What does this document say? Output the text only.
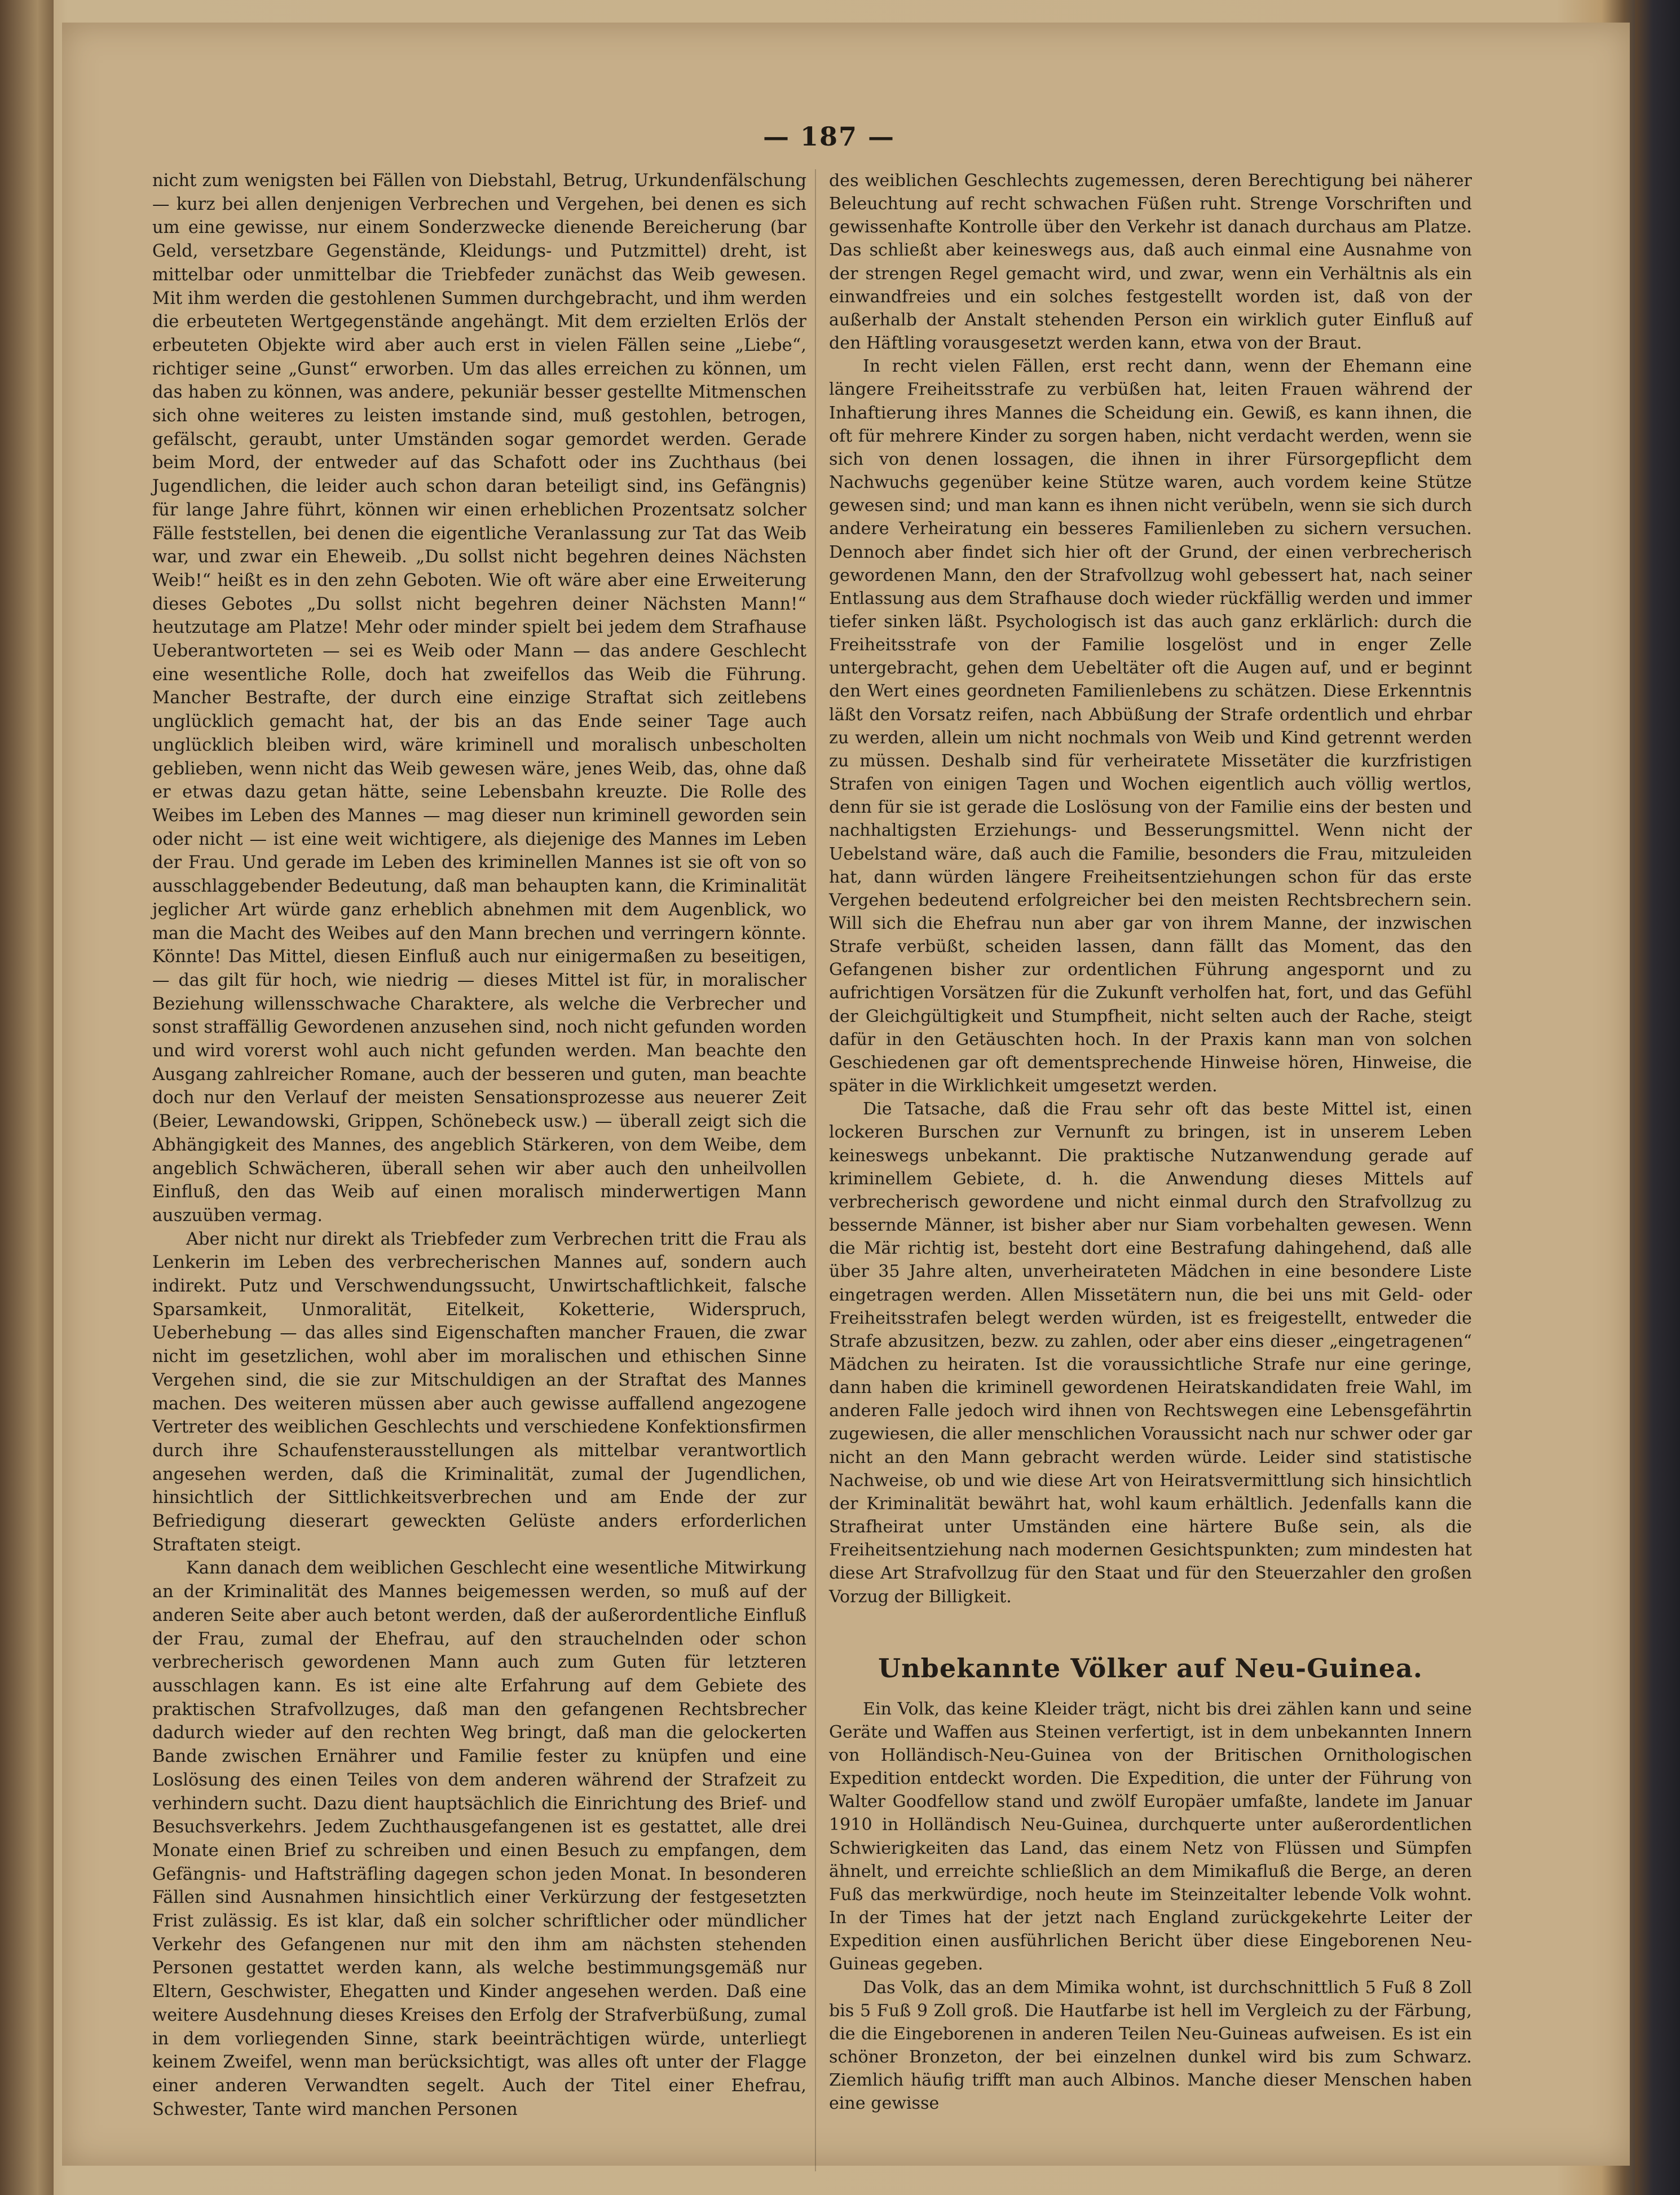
— 187 —

nicht zum wenigsten bei Fällen von Diebstahl, Betrug, Urkundenfälschung — kurz bei allen denjenigen Verbrechen und Vergehen, bei denen es sich um eine gewisse, nur einem Sonderzwecke dienende Bereicherung (bar Geld, versetzbare Gegenstände, Kleidungs- und Putzmittel) dreht, ist mittelbar oder unmittelbar die Triebfeder zunächst das Weib gewesen. Mit ihm werden die gestohlenen Summen durchgebracht, und ihm werden die erbeuteten Wertgegenstände angehängt. Mit dem erzielten Erlös der erbeuteten Objekte wird aber auch erst in vielen Fällen seine „Liebe“, richtiger seine „Gunst“ erworben. Um das alles erreichen zu können, um das haben zu können, was andere, pekuniär besser gestellte Mitmenschen sich ohne weiteres zu leisten imstande sind, muß gestohlen, betrogen, gefälscht, geraubt, unter Umständen sogar gemordet werden. Gerade beim Mord, der entweder auf das Schafott oder ins Zuchthaus (bei Jugendlichen, die leider auch schon daran beteiligt sind, ins Gefängnis) für lange Jahre führt, können wir einen erheblichen Prozentsatz solcher Fälle feststellen, bei denen die eigentliche Veranlassung zur Tat das Weib war, und zwar ein Eheweib. „Du sollst nicht begehren deines Nächsten Weib!“ heißt es in den zehn Geboten. Wie oft wäre aber eine Erweiterung dieses Gebotes „Du sollst nicht begehren deiner Nächsten Mann!“ heutzutage am Platze! Mehr oder minder spielt bei jedem dem Strafhause Ueberantworteten — sei es Weib oder Mann — das andere Geschlecht eine wesentliche Rolle, doch hat zweifellos das Weib die Führung. Mancher Bestrafte, der durch eine einzige Straftat sich zeitlebens unglücklich gemacht hat, der bis an das Ende seiner Tage auch unglücklich bleiben wird, wäre kriminell und moralisch unbescholten geblieben, wenn nicht das Weib gewesen wäre, jenes Weib, das, ohne daß er etwas dazu getan hätte, seine Lebensbahn kreuzte. Die Rolle des Weibes im Leben des Mannes — mag dieser nun kriminell geworden sein oder nicht — ist eine weit wichtigere, als diejenige des Mannes im Leben der Frau. Und gerade im Leben des kriminellen Mannes ist sie oft von so ausschlaggebender Bedeutung, daß man behaupten kann, die Kriminalität jeglicher Art würde ganz erheblich abnehmen mit dem Augenblick, wo man die Macht des Weibes auf den Mann brechen und verringern könnte. Könnte! Das Mittel, diesen Einfluß auch nur einigermaßen zu beseitigen, — das gilt für hoch, wie niedrig — dieses Mittel ist für, in moralischer Beziehung willensschwache Charaktere, als welche die Verbrecher und sonst straffällig Gewordenen anzusehen sind, noch nicht gefunden worden und wird vorerst wohl auch nicht gefunden werden. Man beachte den Ausgang zahlreicher Romane, auch der besseren und guten, man beachte doch nur den Verlauf der meisten Sensationsprozesse aus neuerer Zeit (Beier, Lewandowski, Grippen, Schönebeck usw.) — überall zeigt sich die Abhängigkeit des Mannes, des angeblich Stärkeren, von dem Weibe, dem angeblich Schwächeren, überall sehen wir aber auch den unheilvollen Einfluß, den das Weib auf einen moralisch minderwertigen Mann auszuüben vermag.

Aber nicht nur direkt als Triebfeder zum Verbrechen tritt die Frau als Lenkerin im Leben des verbrecherischen Mannes auf, sondern auch indirekt. Putz und Verschwendungssucht, Unwirtschaftlichkeit, falsche Sparsamkeit, Unmoralität, Eitelkeit, Koketterie, Widerspruch, Ueberhebung — das alles sind Eigenschaften mancher Frauen, die zwar nicht im gesetzlichen, wohl aber im moralischen und ethischen Sinne Vergehen sind, die sie zur Mitschuldigen an der Straftat des Mannes machen. Des weiteren müssen aber auch gewisse auffallend angezogene Vertreter des weiblichen Geschlechts und verschiedene Konfektionsfirmen durch ihre Schaufensterausstellungen als mittelbar verantwortlich angesehen werden, daß die Kriminalität, zumal der Jugendlichen, hinsichtlich der Sittlichkeitsverbrechen und am Ende der zur Befriedigung dieserart geweckten Gelüste anders erforderlichen Straftaten steigt.

Kann danach dem weiblichen Geschlecht eine wesentliche Mitwirkung an der Kriminalität des Mannes beigemessen werden, so muß auf der anderen Seite aber auch betont werden, daß der außerordentliche Einfluß der Frau, zumal der Ehefrau, auf den strauchelnden oder schon verbrecherisch gewordenen Mann auch zum Guten für letzteren ausschlagen kann. Es ist eine alte Erfahrung auf dem Gebiete des praktischen Strafvollzuges, daß man den gefangenen Rechtsbrecher dadurch wieder auf den rechten Weg bringt, daß man die gelockerten Bande zwischen Ernährer und Familie fester zu knüpfen und eine Loslösung des einen Teiles von dem anderen während der Strafzeit zu verhindern sucht. Dazu dient hauptsächlich die Einrichtung des Brief- und Besuchsverkehrs. Jedem Zuchthausgefangenen ist es gestattet, alle drei Monate einen Brief zu schreiben und einen Besuch zu empfangen, dem Gefängnis- und Haftsträfling dagegen schon jeden Monat. In besonderen Fällen sind Ausnahmen hinsichtlich einer Verkürzung der festgesetzten Frist zulässig. Es ist klar, daß ein solcher schriftlicher oder mündlicher Verkehr des Gefangenen nur mit den ihm am nächsten stehenden Personen gestattet werden kann, als welche bestimmungsgemäß nur Eltern, Geschwister, Ehegatten und Kinder angesehen werden. Daß eine weitere Ausdehnung dieses Kreises den Erfolg der Strafverbüßung, zumal in dem vorliegenden Sinne, stark beeinträchtigen würde, unterliegt keinem Zweifel, wenn man berücksichtigt, was alles oft unter der Flagge einer anderen Verwandten segelt. Auch der Titel einer Ehefrau, Schwester, Tante wird manchen Personen

des weiblichen Geschlechts zugemessen, deren Berechtigung bei näherer Beleuchtung auf recht schwachen Füßen ruht. Strenge Vorschriften und gewissenhafte Kontrolle über den Verkehr ist danach durchaus am Platze. Das schließt aber keineswegs aus, daß auch einmal eine Ausnahme von der strengen Regel gemacht wird, und zwar, wenn ein Verhältnis als ein einwandfreies und ein solches festgestellt worden ist, daß von der außerhalb der Anstalt stehenden Person ein wirklich guter Einfluß auf den Häftling vorausgesetzt werden kann, etwa von der Braut.

In recht vielen Fällen, erst recht dann, wenn der Ehemann eine längere Freiheitsstrafe zu verbüßen hat, leiten Frauen während der Inhaftierung ihres Mannes die Scheidung ein. Gewiß, es kann ihnen, die oft für mehrere Kinder zu sorgen haben, nicht verdacht werden, wenn sie sich von denen lossagen, die ihnen in ihrer Fürsorgepflicht dem Nachwuchs gegenüber keine Stütze waren, auch vordem keine Stütze gewesen sind; und man kann es ihnen nicht verübeln, wenn sie sich durch andere Verheiratung ein besseres Familienleben zu sichern versuchen. Dennoch aber findet sich hier oft der Grund, der einen verbrecherisch gewordenen Mann, den der Strafvollzug wohl gebessert hat, nach seiner Entlassung aus dem Strafhause doch wieder rückfällig werden und immer tiefer sinken läßt. Psychologisch ist das auch ganz erklärlich: durch die Freiheitsstrafe von der Familie losgelöst und in enger Zelle untergebracht, gehen dem Uebeltäter oft die Augen auf, und er beginnt den Wert eines geordneten Familienlebens zu schätzen. Diese Erkenntnis läßt den Vorsatz reifen, nach Abbüßung der Strafe ordentlich und ehrbar zu werden, allein um nicht nochmals von Weib und Kind getrennt werden zu müssen. Deshalb sind für verheiratete Missetäter die kurzfristigen Strafen von einigen Tagen und Wochen eigentlich auch völlig wertlos, denn für sie ist gerade die Loslösung von der Familie eins der besten und nachhaltigsten Erziehungs- und Besserungsmittel. Wenn nicht der Uebelstand wäre, daß auch die Familie, besonders die Frau, mitzuleiden hat, dann würden längere Freiheitsentziehungen schon für das erste Vergehen bedeutend erfolgreicher bei den meisten Rechtsbrechern sein. Will sich die Ehefrau nun aber gar von ihrem Manne, der inzwischen Strafe verbüßt, scheiden lassen, dann fällt das Moment, das den Gefangenen bisher zur ordentlichen Führung angespornt und zu aufrichtigen Vorsätzen für die Zukunft verholfen hat, fort, und das Gefühl der Gleichgültigkeit und Stumpfheit, nicht selten auch der Rache, steigt dafür in den Getäuschten hoch. In der Praxis kann man von solchen Geschiedenen gar oft dementsprechende Hinweise hören, Hinweise, die später in die Wirklichkeit umgesetzt werden.

Die Tatsache, daß die Frau sehr oft das beste Mittel ist, einen lockeren Burschen zur Vernunft zu bringen, ist in unserem Leben keineswegs unbekannt. Die praktische Nutzanwendung gerade auf kriminellem Gebiete, d. h. die Anwendung dieses Mittels auf verbrecherisch gewordene und nicht einmal durch den Strafvollzug zu bessernde Männer, ist bisher aber nur Siam vorbehalten gewesen. Wenn die Mär richtig ist, besteht dort eine Bestrafung dahingehend, daß alle über 35 Jahre alten, unverheirateten Mädchen in eine besondere Liste eingetragen werden. Allen Missetätern nun, die bei uns mit Geld- oder Freiheitsstrafen belegt werden würden, ist es freigestellt, entweder die Strafe abzusitzen, bezw. zu zahlen, oder aber eins dieser „eingetragenen“ Mädchen zu heiraten. Ist die voraussichtliche Strafe nur eine geringe, dann haben die kriminell gewordenen Heiratskandidaten freie Wahl, im anderen Falle jedoch wird ihnen von Rechtswegen eine Lebensgefährtin zugewiesen, die aller menschlichen Voraussicht nach nur schwer oder gar nicht an den Mann gebracht werden würde. Leider sind statistische Nachweise, ob und wie diese Art von Heiratsvermittlung sich hinsichtlich der Kriminalität bewährt hat, wohl kaum erhältlich. Jedenfalls kann die Strafheirat unter Umständen eine härtere Buße sein, als die Freiheitsentziehung nach modernen Gesichtspunkten; zum mindesten hat diese Art Strafvollzug für den Staat und für den Steuerzahler den großen Vorzug der Billigkeit.

Unbekannte Völker auf Neu-Guinea.

Ein Volk, das keine Kleider trägt, nicht bis drei zählen kann und seine Geräte und Waffen aus Steinen verfertigt, ist in dem unbekannten Innern von Holländisch-Neu-Guinea von der Britischen Ornithologischen Expedition entdeckt worden. Die Expedition, die unter der Führung von Walter Goodfellow stand und zwölf Europäer umfaßte, landete im Januar 1910 in Holländisch Neu-Guinea, durchquerte unter außerordentlichen Schwierigkeiten das Land, das einem Netz von Flüssen und Sümpfen ähnelt, und erreichte schließlich an dem Mimikafluß die Berge, an deren Fuß das merkwürdige, noch heute im Steinzeitalter lebende Volk wohnt. In der Times hat der jetzt nach England zurückgekehrte Leiter der Expedition einen ausführlichen Bericht über diese Eingeborenen Neu-Guineas gegeben.

Das Volk, das an dem Mimika wohnt, ist durchschnittlich 5 Fuß 8 Zoll bis 5 Fuß 9 Zoll groß. Die Hautfarbe ist hell im Vergleich zu der Färbung, die die Eingeborenen in anderen Teilen Neu-Guineas aufweisen. Es ist ein schöner Bronzeton, der bei einzelnen dunkel wird bis zum Schwarz. Ziemlich häufig trifft man auch Albinos. Manche dieser Menschen haben eine gewisse
